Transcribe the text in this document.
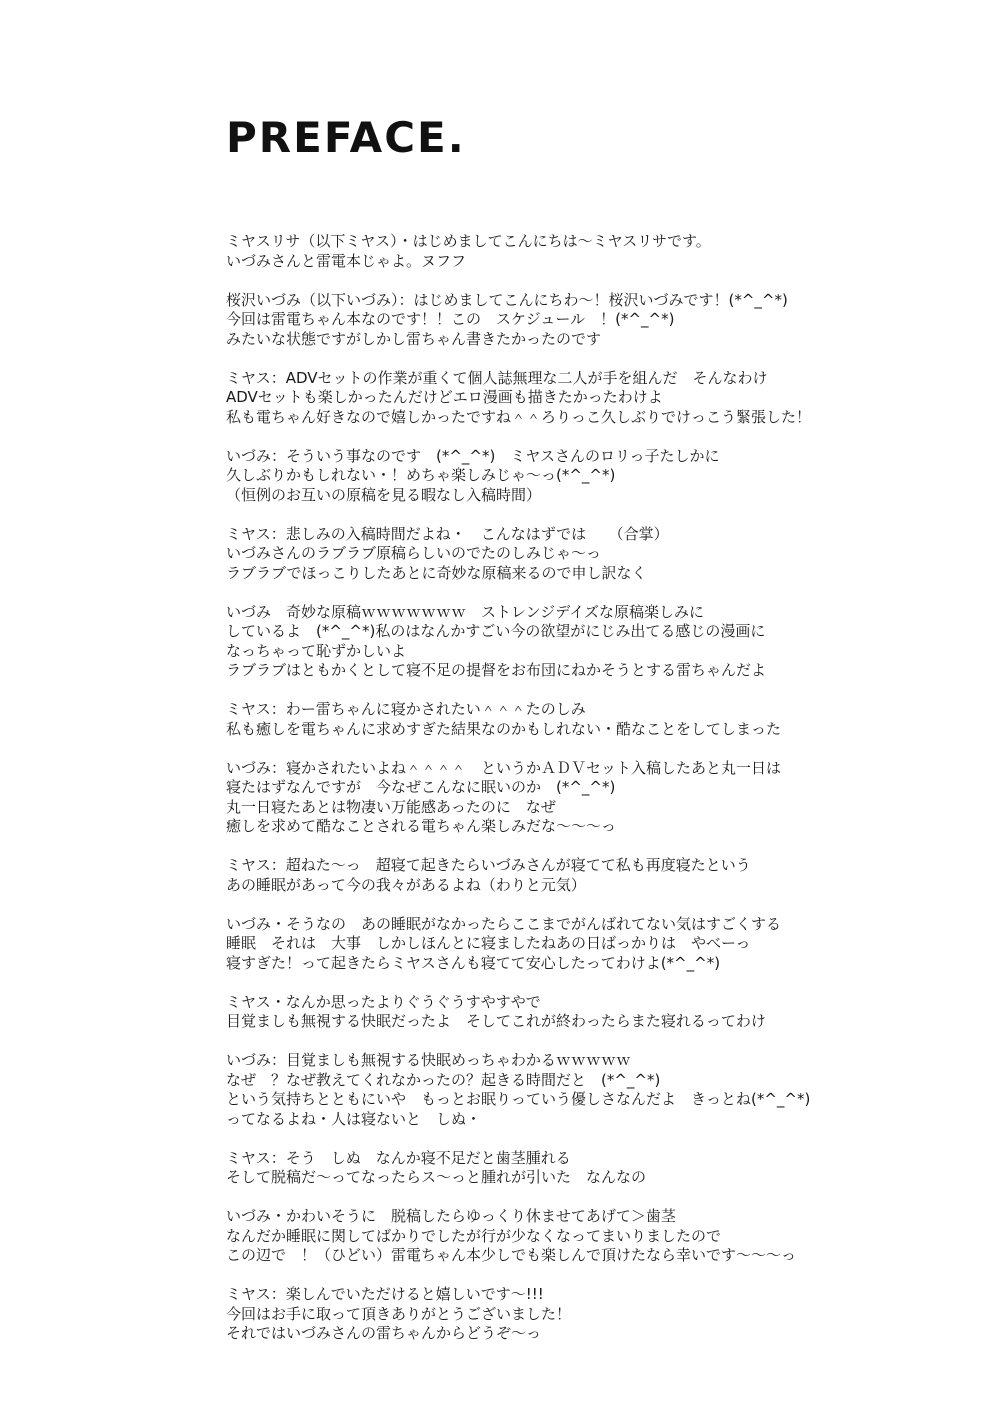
PREFACE.
ミヤスリサ（以下ミヤス）・はじめましてこんにちは～ミヤスリサです。
いづみさんと雷電本じゃよ。ヌフフ
桜沢いづみ（以下いづみ）：はじめましてこんにちわ～！桜沢いづみです！(*^_^*)
今回は雷電ちゃん本なのです！！この　スケジュール　！(*^_^*)
みたいな状態ですがしかし雷ちゃん書きたかったのです
ミヤス：ADVセットの作業が重くて個人誌無理な二人が手を組んだ　そんなわけ
ADVセットも楽しかったんだけどエロ漫画も描きたかったわけよ
私も電ちゃん好きなので嬉しかったですね＾＾ろりっこ久しぶりでけっこう緊張した！
いづみ：そういう事なのです　(*^_^*)　ミヤスさんのロリっ子たしかに
久しぶりかもしれない・！めちゃ楽しみじゃ～っ(*^_^*)
（恒例のお互いの原稿を見る暇なし入稿時間）
ミヤス：悲しみの入稿時間だよね・　こんなはずでは　　（合掌）
いづみさんのラブラブ原稿らしいのでたのしみじゃ～っ
ラブラブでほっこりしたあとに奇妙な原稿来るので申し訳なく
いづみ　奇妙な原稿ｗｗｗｗｗｗｗ　ストレンジデイズな原稿楽しみに
しているよ　(*^_^*)私のはなんかすごい今の欲望がにじみ出てる感じの漫画に
なっちゃって恥ずかしいよ
ラブラブはともかくとして寝不足の提督をお布団にねかそうとする雷ちゃんだよ
ミヤス：わー雷ちゃんに寝かされたい＾＾＾たのしみ
私も癒しを電ちゃんに求めすぎた結果なのかもしれない・酷なことをしてしまった
いづみ：寝かされたいよね＾＾＾＾　というかＡＤＶセット入稿したあと丸一日は
寝たはずなんですが　今なぜこんなに眠いのか　(*^_^*)
丸一日寝たあとは物凄い万能感あったのに　なぜ
癒しを求めて酷なことされる電ちゃん楽しみだな～～～っ
ミヤス：超ねた～っ　超寝て起きたらいづみさんが寝てて私も再度寝たという
あの睡眠があって今の我々があるよね（わりと元気）
いづみ・そうなの　あの睡眠がなかったらここまでがんばれてない気はすごくする
睡眠　それは　大事　しかしほんとに寝ましたねあの日ばっかりは　やべーっ
寝すぎた！って起きたらミヤスさんも寝てて安心したってわけよ(*^_^*)
ミヤス・なんか思ったよりぐうぐうすやすやで
目覚ましも無視する快眠だったよ　そしてこれが終わったらまた寝れるってわけ
いづみ：目覚ましも無視する快眠めっちゃわかるｗｗｗｗｗ
なぜ　？なぜ教えてくれなかったの？起きる時間だと　(*^_^*)
という気持ちとともにいや　もっとお眠りっていう優しさなんだよ　きっとね(*^_^*)
ってなるよね・人は寝ないと　しぬ・
ミヤス：そう　しぬ　なんか寝不足だと歯茎腫れる
そして脱稿だ～ってなったらス～っと腫れが引いた　なんなの
いづみ・かわいそうに　脱稿したらゆっくり休ませてあげて＞歯茎
なんだか睡眠に関してばかりでしたが行が少なくなってまいりましたので
この辺で　！（ひどい）雷電ちゃん本少しでも楽しんで頂けたなら幸いです～～～っ
ミヤス：楽しんでいただけると嬉しいです～!!!
今回はお手に取って頂きありがとうございました！
それではいづみさんの雷ちゃんからどうぞ～っ
